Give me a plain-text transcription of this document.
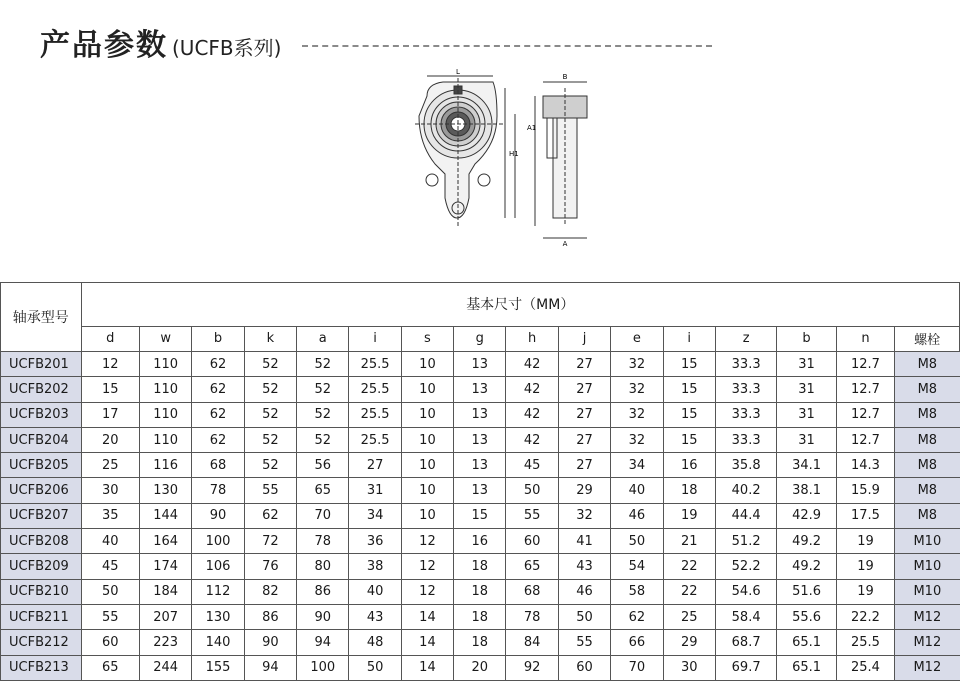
产品参数 (UCFB系列)
L
H1
B
A
A1
轴承型号	基本尺寸（MM）															
	d	w	b	k	a	i	s	g	h	j	e	i	z	b	n	螺栓
UCFB201	12	110	62	52	52	25.5	10	13	42	27	32	15	33.3	31	12.7	M8
UCFB202	15	110	62	52	52	25.5	10	13	42	27	32	15	33.3	31	12.7	M8
UCFB203	17	110	62	52	52	25.5	10	13	42	27	32	15	33.3	31	12.7	M8
UCFB204	20	110	62	52	52	25.5	10	13	42	27	32	15	33.3	31	12.7	M8
UCFB205	25	116	68	52	56	27	10	13	45	27	34	16	35.8	34.1	14.3	M8
UCFB206	30	130	78	55	65	31	10	13	50	29	40	18	40.2	38.1	15.9	M8
UCFB207	35	144	90	62	70	34	10	15	55	32	46	19	44.4	42.9	17.5	M8
UCFB208	40	164	100	72	78	36	12	16	60	41	50	21	51.2	49.2	19	M10
UCFB209	45	174	106	76	80	38	12	18	65	43	54	22	52.2	49.2	19	M10
UCFB210	50	184	112	82	86	40	12	18	68	46	58	22	54.6	51.6	19	M10
UCFB211	55	207	130	86	90	43	14	18	78	50	62	25	58.4	55.6	22.2	M12
UCFB212	60	223	140	90	94	48	14	18	84	55	66	29	68.7	65.1	25.5	M12
UCFB213	65	244	155	94	100	50	14	20	92	60	70	30	69.7	65.1	25.4	M12
